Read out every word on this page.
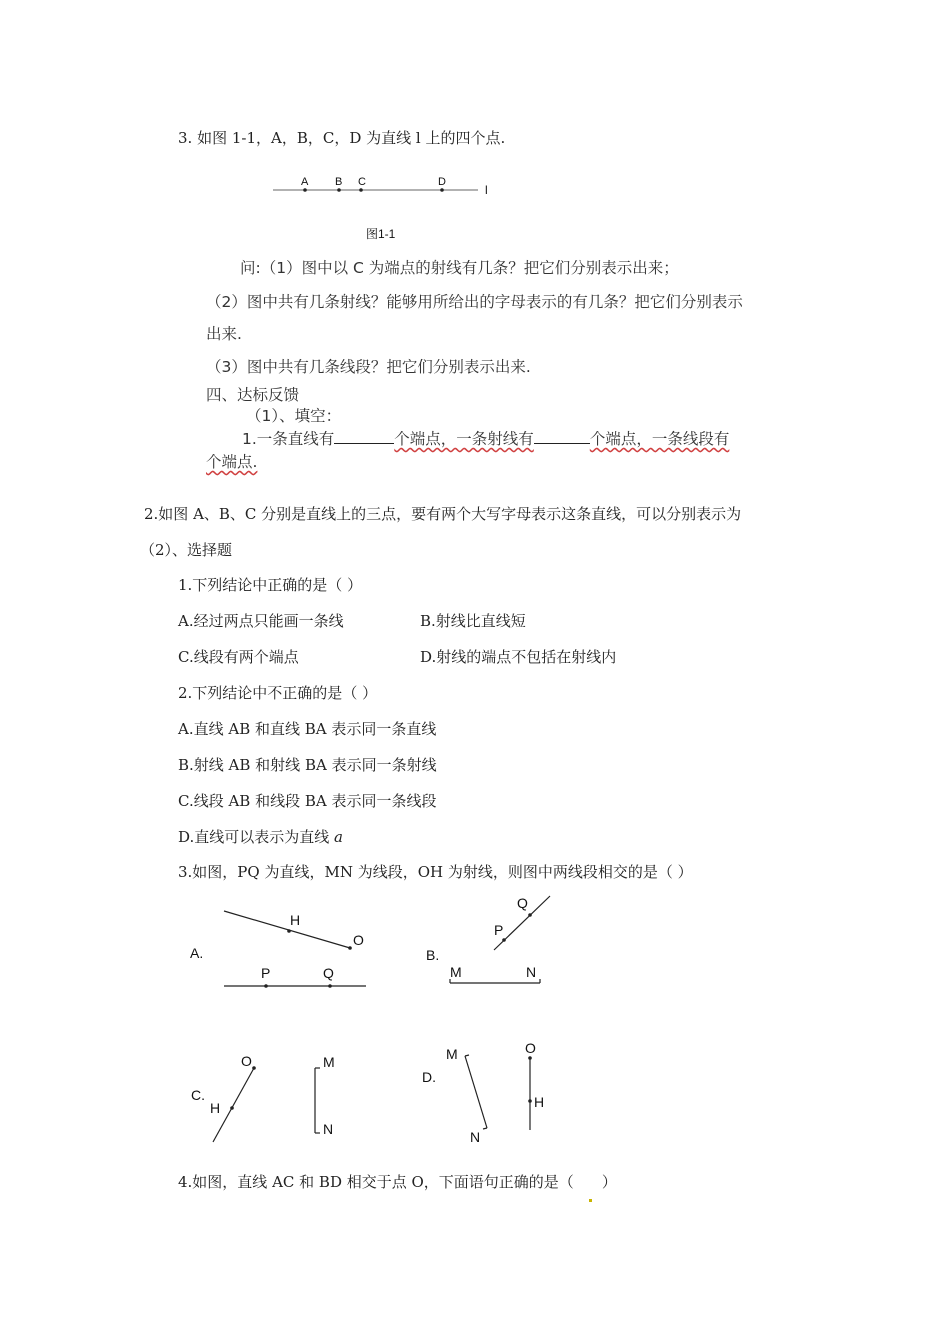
3. 如图 1-1，A，B，C，D 为直线 l 上的四个点.
A B C	D
l
图1-1
问:（1）图中以 C 为端点的射线有几条？把它们分别表示出来；
（2）图中共有几条射线？能够用所给出的字母表示的有几条？把它们分别表示
出来.
（3）图中共有几条线段？把它们分别表示出来.
四、达标反馈
（1）、填空：
1.一条直线有	个端点，一条射线有	个端点，一条线段有
个端点.
2.如图 A、B、C 分别是直线上的三点，要有两个大写字母表示这条直线，可以分别表示为
（2）、选择题
1.下列结论中正确的是（ ）
A.经过两点只能画一条线	B.射线比直线短
C.线段有两个端点	D.射线的端点不包括在射线内
2.下列结论中不正确的是（ ）
A.直线 AB 和直线 BA 表示同一条直线
B.射线 AB 和射线 BA 表示同一条射线
C.线段 AB 和线段 BA 表示同一条线段
D.直线可以表示为直线 a
3.如图，PQ 为直线，MN 为线段，OH 为射线，则图中两线段相交的是（ ）
A.
H
O
P	Q
B.
Q
P
M	N
C.
O
H
M
N
D.
M
N
O
H
4.如图，直线 AC 和 BD 相交于点 O，下面语句正确的是（ ）
